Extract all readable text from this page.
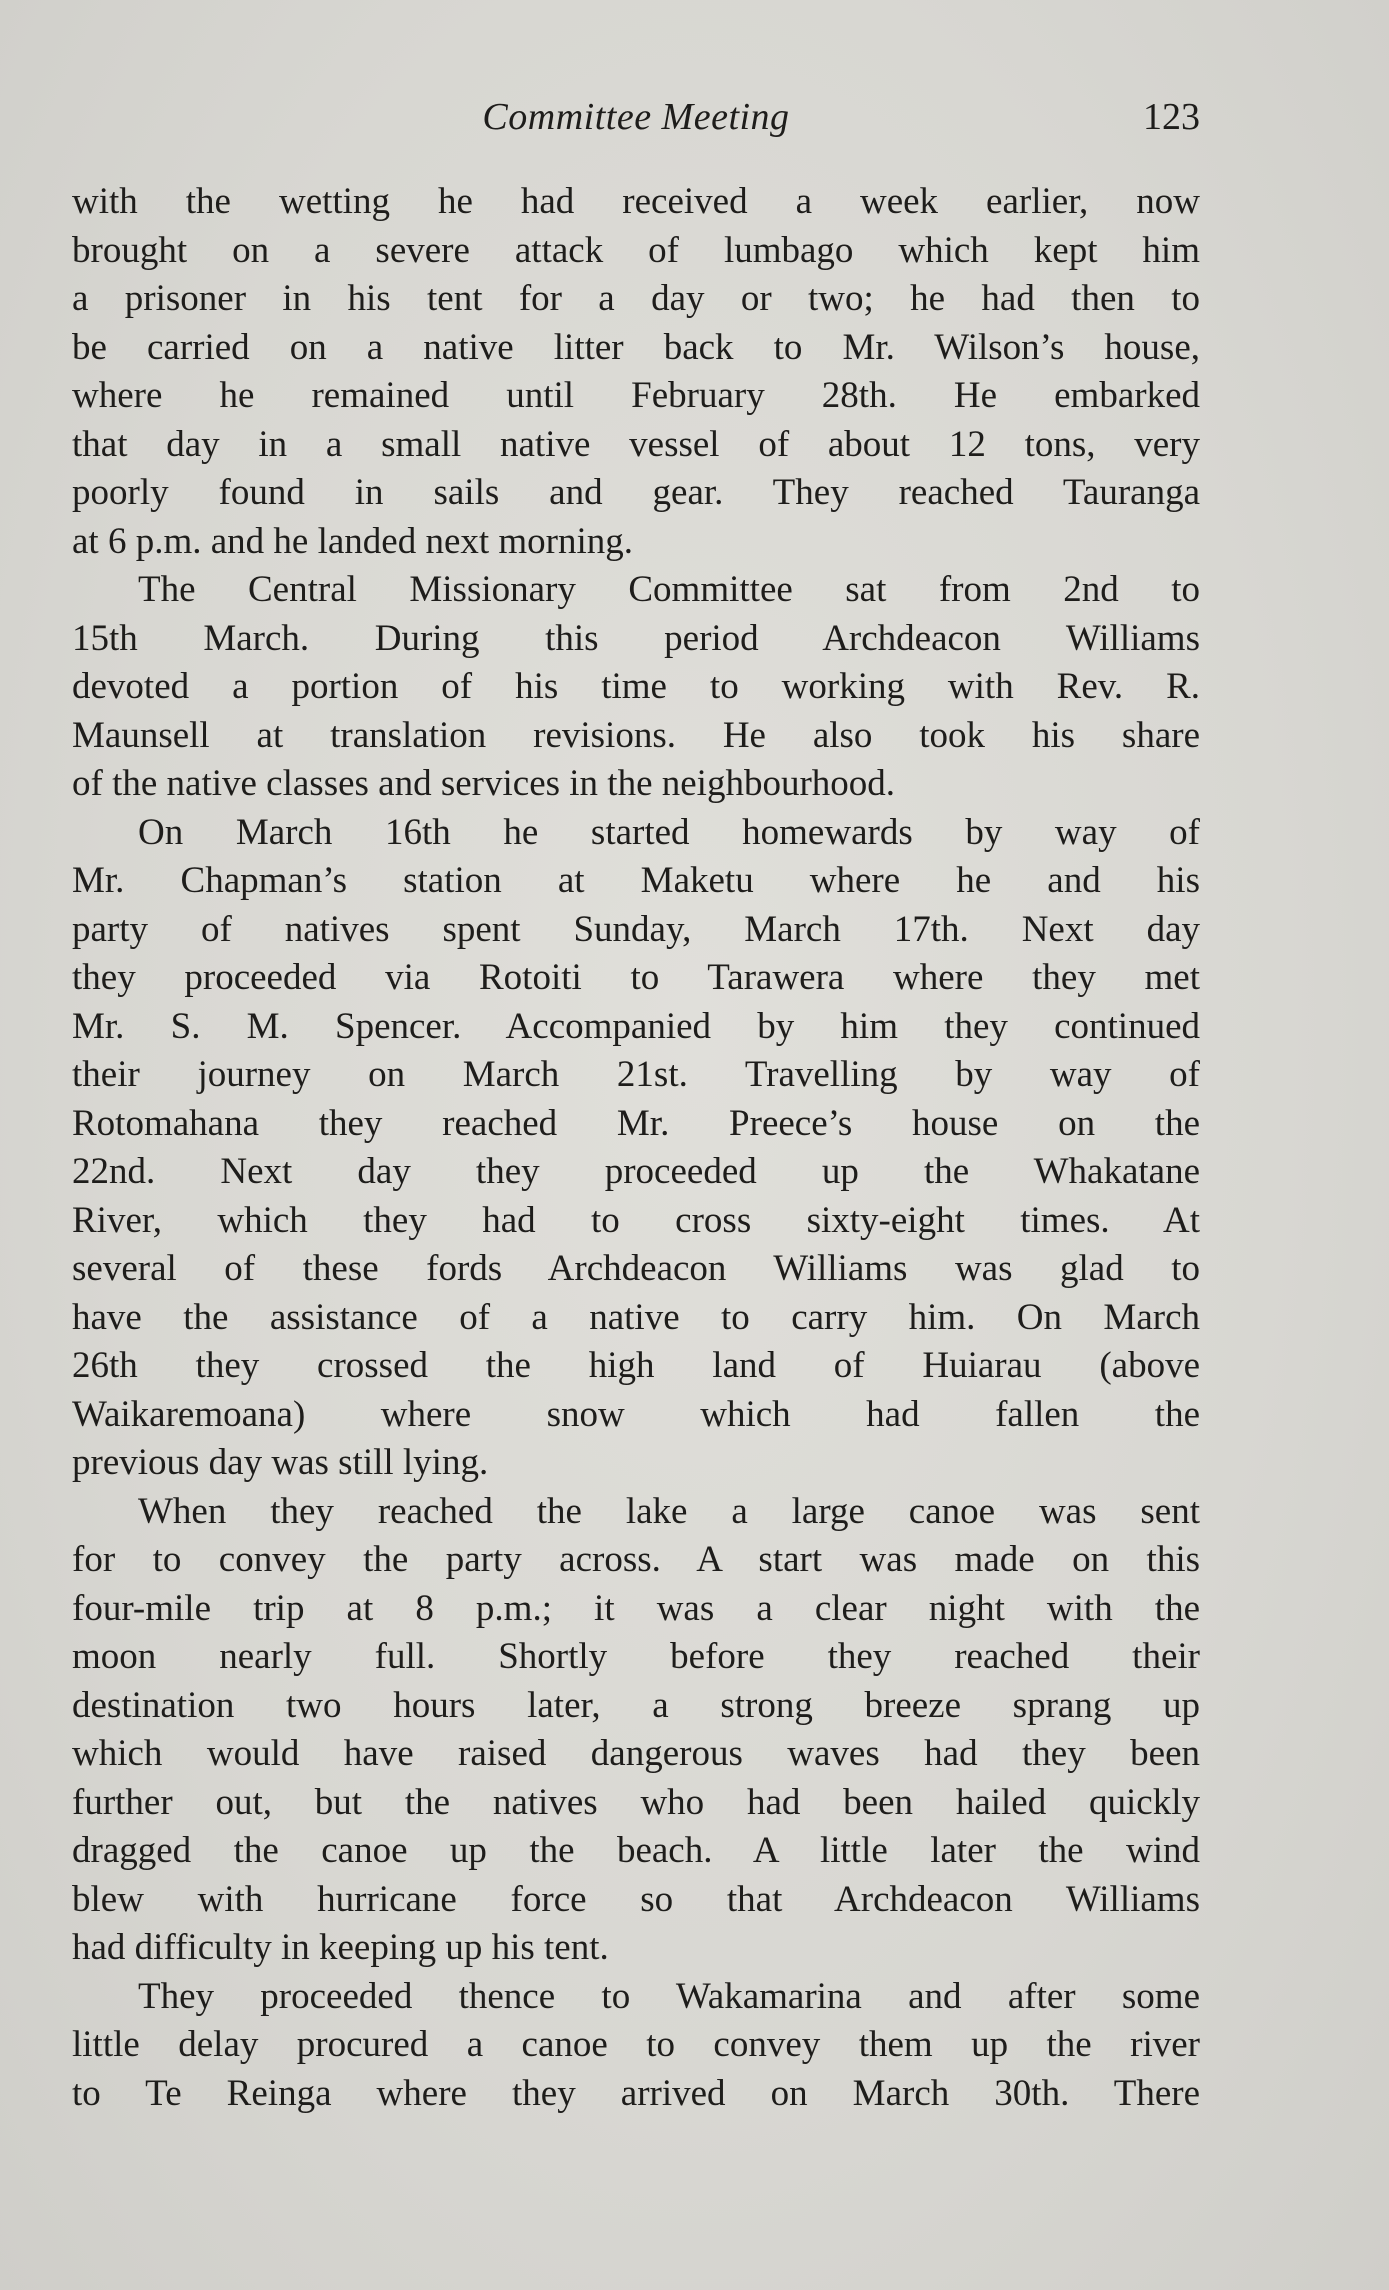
Committee Meeting	123
with the wetting he had received a week earlier, now
brought on a severe attack of lumbago which kept him
a prisoner in his tent for a day or two; he had then to
be carried on a native litter back to Mr. Wilson’s house,
where he remained until February 28th. He embarked
that day in a small native vessel of about 12 tons, very
poorly found in sails and gear. They reached Tauranga
at 6 p.m. and he landed next morning.
The Central Missionary Committee sat from 2nd to
15th March. During this period Archdeacon Williams
devoted a portion of his time to working with Rev. R.
Maunsell at translation revisions. He also took his share
of the native classes and services in the neighbourhood.
On March 16th he started homewards by way of
Mr. Chapman’s station at Maketu where he and his
party of natives spent Sunday, March 17th. Next day
they proceeded via Rotoiti to Tarawera where they met
Mr. S. M. Spencer. Accompanied by him they continued
their journey on March 21st. Travelling by way of
Rotomahana they reached Mr. Preece’s house on the
22nd. Next day they proceeded up the Whakatane
River, which they had to cross sixty-eight times. At
several of these fords Archdeacon Williams was glad to
have the assistance of a native to carry him. On March
26th they crossed the high land of Huiarau (above
Waikaremoana) where snow which had fallen the
previous day was still lying.
When they reached the lake a large canoe was sent
for to convey the party across. A start was made on this
four-mile trip at 8 p.m.; it was a clear night with the
moon nearly full. Shortly before they reached their
destination two hours later, a strong breeze sprang up
which would have raised dangerous waves had they been
further out, but the natives who had been hailed quickly
dragged the canoe up the beach. A little later the wind
blew with hurricane force so that Archdeacon Williams
had difficulty in keeping up his tent.
They proceeded thence to Wakamarina and after some
little delay procured a canoe to convey them up the river
to Te Reinga where they arrived on March 30th. There
